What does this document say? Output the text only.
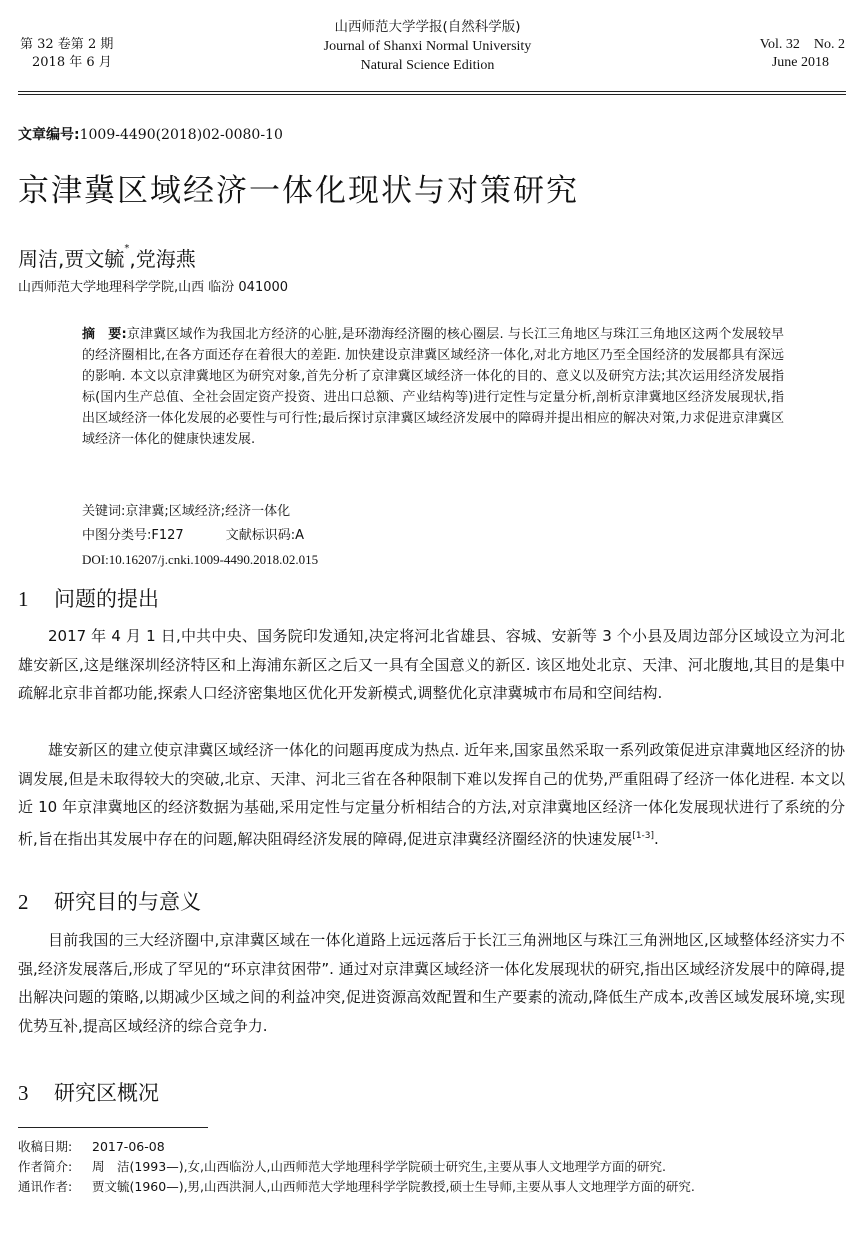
第 32 卷第 2 期
2018 年 6 月
山西师范大学学报(自然科学版)
Journal of Shanxi Normal University
Natural Science Edition
Vol. 32    No. 2
June 2018
文章编号:1009-4490(2018)02-0080-10
京津冀区域经济一体化现状与对策研究
周洁,贾文毓*,党海燕
山西师范大学地理科学学院,山西 临汾 041000
摘　要:京津冀区域作为我国北方经济的心脏,是环渤海经济圈的核心圈层. 与长江三角地区与珠江三角地区这两个发展较早的经济圈相比,在各方面还存在着很大的差距. 加快建设京津冀区域经济一体化,对北方地区乃至全国经济的发展都具有深远的影响. 本文以京津冀地区为研究对象,首先分析了京津冀区域经济一体化的目的、意义以及研究方法;其次运用经济发展指标(国内生产总值、全社会固定资产投资、进出口总额、产业结构等)进行定性与定量分析,剖析京津冀地区经济发展现状,指出区域经济一体化发展的必要性与可行性;最后探讨京津冀区域经济发展中的障碍并提出相应的解决对策,力求促进京津冀区域经济一体化的健康快速发展.
关键词:京津冀;区域经济;经济一体化
中图分类号:F127	文献标识码:A
DOI:10.16207/j.cnki.1009-4490.2018.02.015
1 问题的提出
2017 年 4 月 1 日,中共中央、国务院印发通知,决定将河北省雄县、容城、安新等 3 个小县及周边部分区域设立为河北雄安新区,这是继深圳经济特区和上海浦东新区之后又一具有全国意义的新区. 该区地处北京、天津、河北腹地,其目的是集中疏解北京非首都功能,探索人口经济密集地区优化开发新模式,调整优化京津冀城市布局和空间结构.
雄安新区的建立使京津冀区域经济一体化的问题再度成为热点. 近年来,国家虽然采取一系列政策促进京津冀地区经济的协调发展,但是未取得较大的突破,北京、天津、河北三省在各种限制下难以发挥自己的优势,严重阻碍了经济一体化进程. 本文以近 10 年京津冀地区的经济数据为基础,采用定性与定量分析相结合的方法,对京津冀地区经济一体化发展现状进行了系统的分析,旨在指出其发展中存在的问题,解决阻碍经济发展的障碍,促进京津冀经济圈经济的快速发展[1-3].
2 研究目的与意义
目前我国的三大经济圈中,京津冀区域在一体化道路上远远落后于长江三角洲地区与珠江三角洲地区,区域整体经济实力不强,经济发展落后,形成了罕见的“环京津贫困带”. 通过对京津冀区域经济一体化发展现状的研究,指出区域经济发展中的障碍,提出解决问题的策略,以期减少区域之间的利益冲突,促进资源高效配置和生产要素的流动,降低生产成本,改善区域发展环境,实现优势互补,提高区域经济的综合竞争力.
3 研究区概况
收稿日期: 2017-06-08
作者简介: 周　洁(1993—),女,山西临汾人,山西师范大学地理科学学院硕士研究生,主要从事人文地理学方面的研究.
通讯作者: 贾文毓(1960—),男,山西洪洞人,山西师范大学地理科学学院教授,硕士生导师,主要从事人文地理学方面的研究.
